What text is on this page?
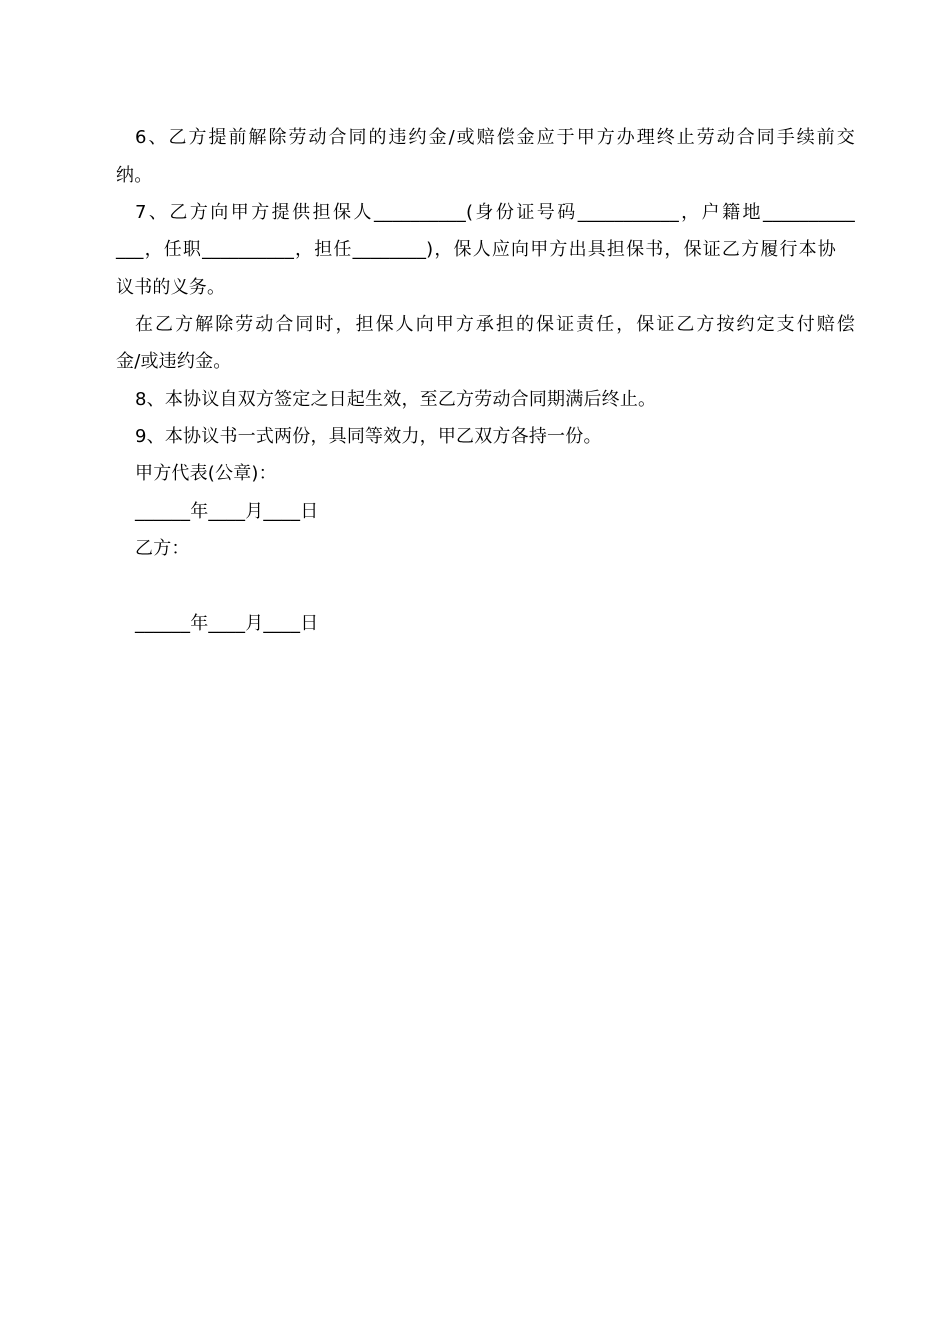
6、乙方提前解除劳动合同的违约金/或赔偿金应于甲方办理终止劳动合同手续前交
纳。
7、乙方向甲方提供担保人__________(身份证号码___________，户籍地__________
___，任职__________，担任________)，保人应向甲方出具担保书，保证乙方履行本协
议书的义务。
在乙方解除劳动合同时，担保人向甲方承担的保证责任，保证乙方按约定支付赔偿
金/或违约金。
8、本协议自双方签定之日起生效，至乙方劳动合同期满后终止。
9、本协议书一式两份，具同等效力，甲乙双方各持一份。
甲方代表(公章)：
______年____月____日
乙方：
______年____月____日
